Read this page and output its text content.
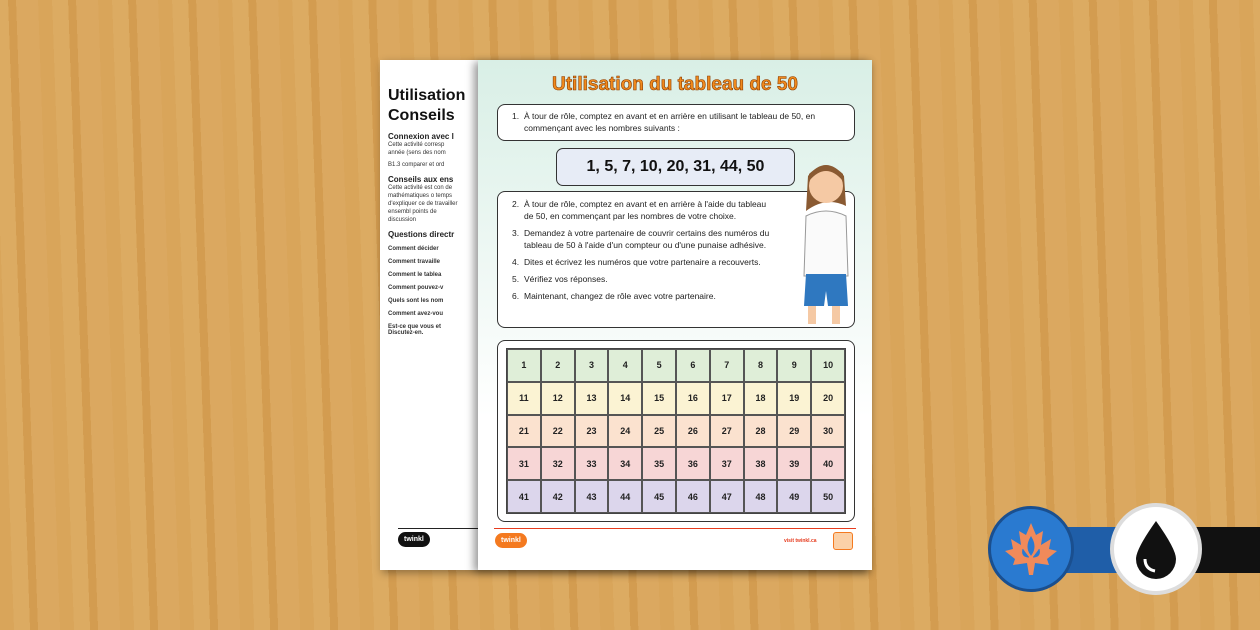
Utilisation
Conseils
Connexion avec l

Cette activité corresp année (sens des nom

B1.3 comparer et ord

Conseils aux ens

Cette activité est con de mathématiques o temps d'expliquer ce de travailler ensembl points de discussion

Questions directr
Comment décider
Comment travaille
Comment le tablea
Comment pouvez-v
Quels sont les nom
Comment avez-vou
Est-ce que vous et Discutez-en.
twinkl
Utilisation du tableau de 50
1. À tour de rôle, comptez en avant et en arrière en utilisant le tableau de 50, en commençant avec les nombres suivants :
1, 5, 7, 10, 20, 31, 44, 50
2. À tour de rôle, comptez en avant et en arrière à l'aide du tableau de 50, en commençant par les nombres de votre choixe.
3. Demandez à votre partenaire de couvrir certains des numéros du tableau de 50 à l'aide d'un compteur ou d'une punaise adhésive.
4. Dites et écrivez les numéros que votre partenaire a recouverts.
5. Vérifiez vos réponses.
6. Maintenant, changez de rôle avec votre partenaire.
1	2	3	4	5	6	7	8	9	10
11	12	13	14	15	16	17	18	19	20
21	22	23	24	25	26	27	28	29	30
31	32	33	34	35	36	37	38	39	40
41	42	43	44	45	46	47	48	49	50
twinkl	visit twinkl.ca
